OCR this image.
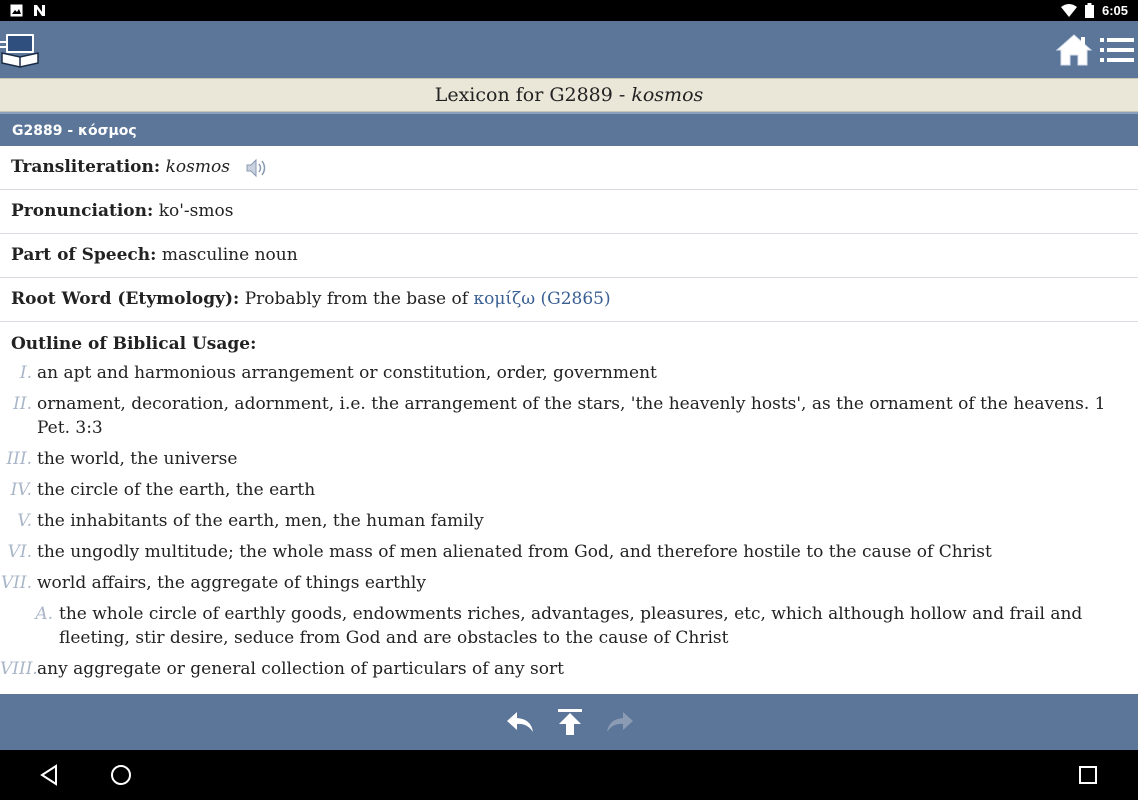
6:05
Lexicon for G2889 - kosmos
G2889 - κόσμος
Transliteration: kosmos
Pronunciation: ko'-smos
Part of Speech: masculine noun
Root Word (Etymology): Probably from the base of κομίζω (G2865)
Outline of Biblical Usage:
I. an apt and harmonious arrangement or constitution, order, government
II. ornament, decoration, adornment, i.e. the arrangement of the stars, 'the heavenly hosts', as the ornament of the heavens. 1 Pet. 3:3
III. the world, the universe
IV. the circle of the earth, the earth
V. the inhabitants of the earth, men, the human family
VI. the ungodly multitude; the whole mass of men alienated from God, and therefore hostile to the cause of Christ
VII. world affairs, the aggregate of things earthly
A. the whole circle of earthly goods, endowments riches, advantages, pleasures, etc, which although hollow and frail and fleeting, stir desire, seduce from God and are obstacles to the cause of Christ
VIII. any aggregate or general collection of particulars of any sort
